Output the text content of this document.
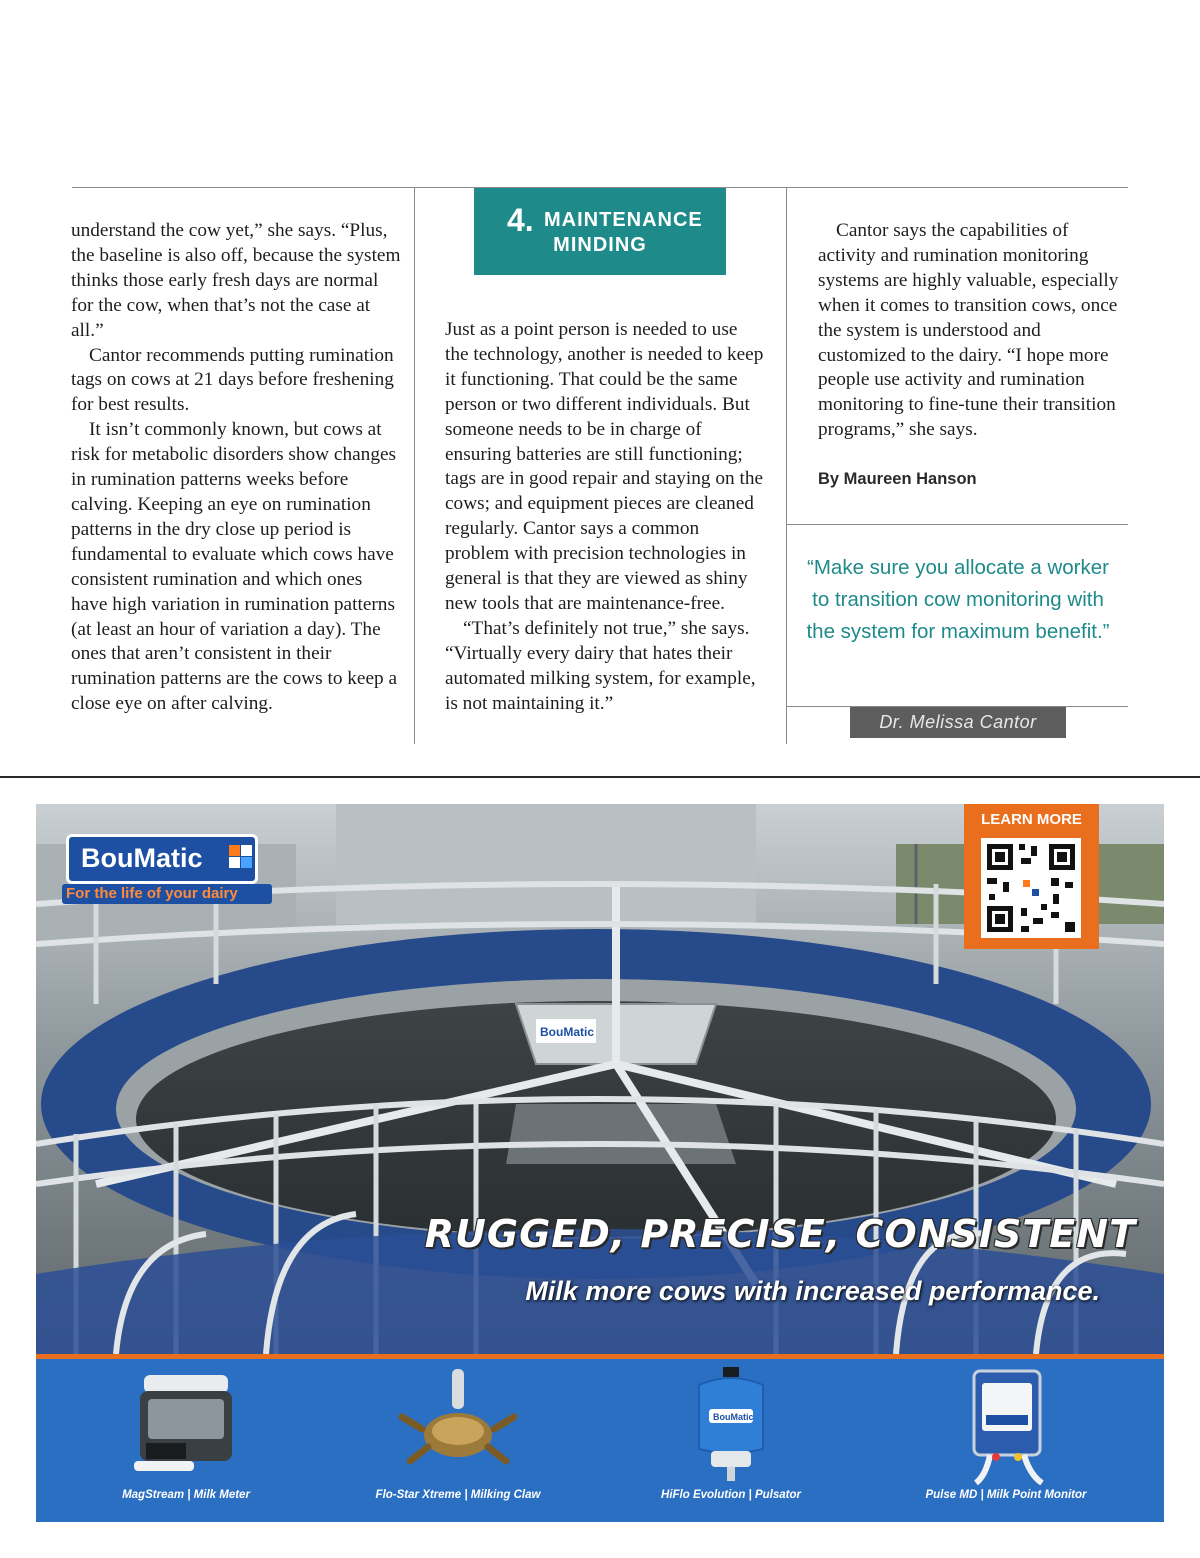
understand the cow yet,” she says. “Plus, the baseline is also off, because the system thinks those early fresh days are normal for the cow, when that’s not the case at all.”

Cantor recommends putting rumination tags on cows at 21 days before freshening for best results.

It isn’t commonly known, but cows at risk for metabolic disorders show changes in rumination patterns weeks before calving. Keeping an eye on rumination patterns in the dry close up period is fundamental to evaluate which cows have consistent rumination and which ones have high variation in rumination patterns (at least an hour of variation a day). The ones that aren’t consistent in their rumination patterns are the cows to keep a close eye on after calving.

4. MAINTENANCE
MINDING

Just as a point person is needed to use the technology, another is needed to keep it functioning. That could be the same person or two different individuals. But someone needs to be in charge of ensuring batteries are still functioning; tags are in good repair and staying on the cows; and equipment pieces are cleaned regularly. Cantor says a common problem with precision technologies in general is that they are viewed as shiny new tools that are maintenance-free.

“That’s definitely not true,” she says. “Virtually every dairy that hates their automated milking system, for example, is not maintaining it.”

Cantor says the capabilities of activity and rumination monitoring systems are highly valuable, especially when it comes to transition cows, once the system is understood and customized to the dairy. “I hope more people use activity and rumination monitoring to fine-tune their transition programs,” she says.

By Maureen Hanson
“Make sure you allocate a worker to transition cow monitoring with the system for maximum benefit.”
Dr. Melissa Cantor
BouMatic
BouMatic
For the life of your dairy
LEARN MORE
RUGGED, PRECISE, CONSISTENT
Milk more cows with increased performance.
MagStream | Milk Meter	Flo-Star Xtreme | Milking Claw
BouMatic
HiFlo Evolution | Pulsator	Pulse MD | Milk Point Monitor
